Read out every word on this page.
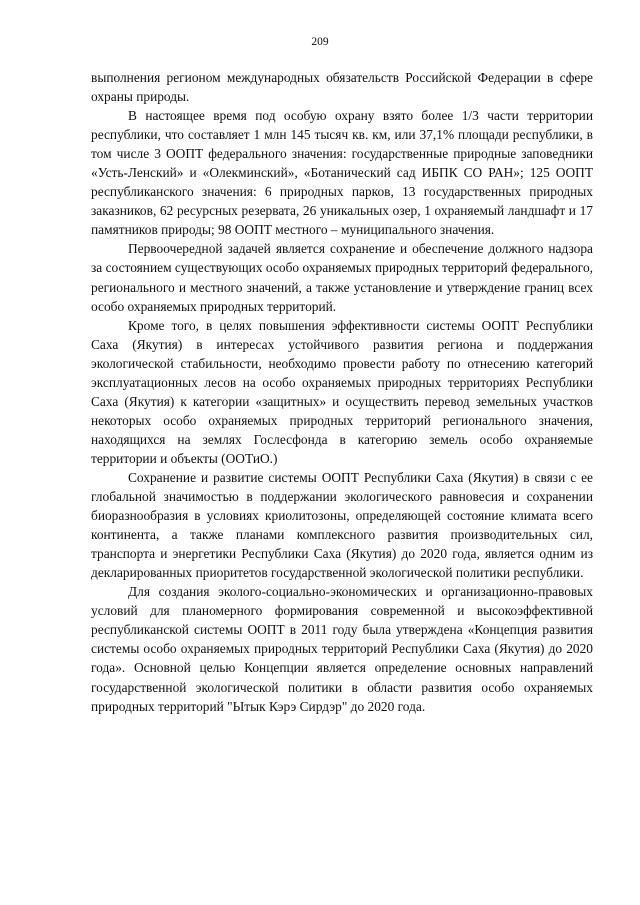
209

выполнения регионом международных обязательств Российской Федерации в сфере охраны природы.

В настоящее время под особую охрану взято более 1/3 части территории республики, что составляет 1 млн 145 тысяч кв. км, или 37,1% площади республики, в том числе 3 ООПТ федерального значения: государственные природные заповедники «Усть-Ленский» и «Олекминский», «Ботанический сад ИБПК СО РАН»; 125 ООПТ республиканского значения: 6 природных парков, 13 государственных природных заказников, 62 ресурсных резервата, 26 уникальных озер, 1 охраняемый ландшафт и 17 памятников природы; 98 ООПТ местного – муниципального значения.

Первоочередной задачей является сохранение и обеспечение должного надзора за состоянием существующих особо охраняемых природных территорий федерального, регионального и местного значений, а также установление и утверждение границ всех особо охраняемых природных территорий.

Кроме того, в целях повышения эффективности системы ООПТ Республики Саха (Якутия) в интересах устойчивого развития региона и поддержания экологической стабильности, необходимо провести работу по отнесению категорий эксплуатационных лесов на особо охраняемых природных территориях Республики Саха (Якутия) к категории «защитных» и осуществить перевод земельных участков некоторых особо охраняемых природных территорий регионального значения, находящихся на землях Гослесфонда в категорию земель особо охраняемые территории и объекты (ООТиО.)

Сохранение и развитие системы ООПТ Республики Саха (Якутия) в связи с ее глобальной значимостью в поддержании экологического равновесия и сохранении биоразнообразия в условиях криолитозоны, определяющей состояние климата всего континента, а также планами комплексного развития производительных сил, транспорта и энергетики Республики Саха (Якутия) до 2020 года, является одним из декларированных приоритетов государственной экологической политики республики.

Для создания эколого-социально-экономических и организационно-правовых условий для планомерного формирования современной и высокоэффективной республиканской системы ООПТ в 2011 году была утверждена «Концепция развития системы особо охраняемых природных территорий Республики Саха (Якутия) до 2020 года». Основной целью Концепции является определение основных направлений государственной экологической политики в области развития особо охраняемых природных территорий "Ытык Кэрэ Сирдэр" до 2020 года.
